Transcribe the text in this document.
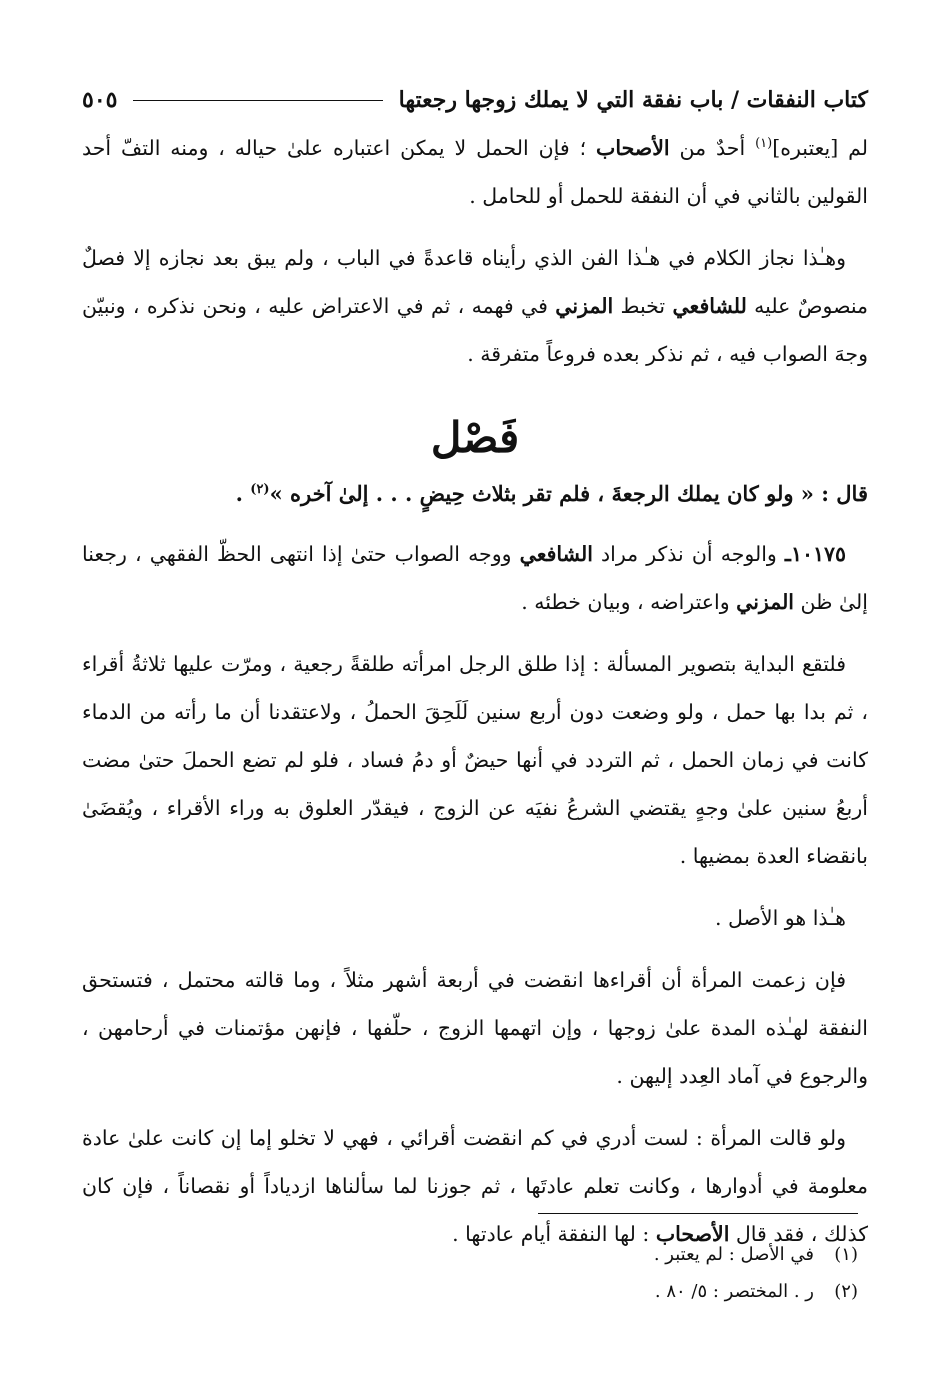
كتاب النفقات / باب نفقة التي لا يملك زوجها رجعتها
٥٠٥

لم [يعتبره]$^{(١)}$ أحدٌ من الأصحاب ؛ فإن الحمل لا يمكن اعتباره علىٰ حياله ، ومنه التفّ أحد القولين بالثاني في أن النفقة للحمل أو للحامل .

وهـٰذا نجاز الكلام في هـٰذا الفن الذي رأيناه قاعدةً في الباب ، ولم يبق بعد نجازه إلا فصلٌ منصوصٌ عليه للشافعي تخبط المزني في فهمه ، ثم في الاعتراض عليه ، ونحن نذكره ، ونبيّن وجهَ الصواب فيه ، ثم نذكر بعده فروعاً متفرقة .

فَصْل
قال : « ولو كان يملك الرجعةَ ، فلم تقر بثلاث حِيضٍ . . . إلىٰ آخره »$^{(٢)}$ .

١٠١٧٥ـ والوجه أن نذكر مراد الشافعي ووجه الصواب حتىٰ إذا انتهى الحظّ الفقهي ، رجعنا إلىٰ ظن المزني واعتراضه ، وبيان خطئه .

فلتقع البداية بتصوير المسألة : إذا طلق الرجل امرأته طلقةً رجعية ، ومرّت عليها ثلاثةُ أقراء ، ثم بدا بها حمل ، ولو وضعت دون أربع سنين لَلَحِقَ الحملُ ، ولاعتقدنا أن ما رأته من الدماء كانت في زمان الحمل ، ثم التردد في أنها حيضٌ أو دمُ فساد ، فلو لم تضع الحملَ حتىٰ مضت أربعُ سنين علىٰ وجهٍ يقتضي الشرعُ نفيَه عن الزوج ، فيقدّر العلوق به وراء الأقراء ، ويُقضَىٰ بانقضاء العدة بمضيها .

هـٰذا هو الأصل .

فإن زعمت المرأة أن أقراءها انقضت في أربعة أشهر مثلاً ، وما قالته محتمل ، فتستحق النفقة لهـٰذه المدة علىٰ زوجها ، وإن اتهمها الزوج ، حلّفها ، فإنهن مؤتمنات في أرحامهن ، والرجوع في آماد العِدد إليهن .

ولو قالت المرأة : لست أدري في كم انقضت أقرائي ، فهي لا تخلو إما إن كانت علىٰ عادة معلومة في أدوارها ، وكانت تعلم عادتَها ، ثم جوزنا لما سألناها ازدياداً أو نقصاناً ، فإن كان كذلك ، فقد قال الأصحاب : لها النفقة أيام عادتها .

(١)
في الأصل : لم يعتبر .
(٢)
ر . المختصر : ٥/ ٨٠ .
